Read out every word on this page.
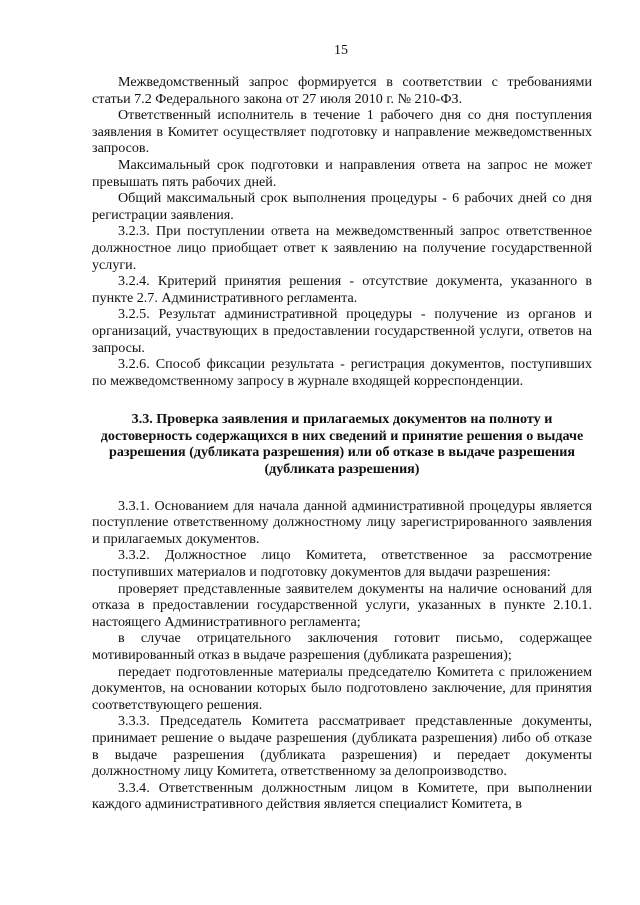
15

Межведомственный запрос формируется в соответствии с требованиями статьи 7.2 Федерального закона от 27 июля 2010 г. № 210-ФЗ.

Ответственный исполнитель в течение 1 рабочего дня со дня поступления заявления в Комитет осуществляет подготовку и направление межведомственных запросов.

Максимальный срок подготовки и направления ответа на запрос не может превышать пять рабочих дней.

Общий максимальный срок выполнения процедуры - 6 рабочих дней со дня регистрации заявления.

3.2.3. При поступлении ответа на межведомственный запрос ответственное должностное лицо приобщает ответ к заявлению на получение государственной услуги.

3.2.4. Критерий принятия решения - отсутствие документа, указанного в пункте 2.7. Административного регламента.

3.2.5. Результат административной процедуры - получение из органов и организаций, участвующих в предоставлении государственной услуги, ответов на запросы.

3.2.6. Способ фиксации результата - регистрация документов, поступивших по межведомственному запросу в журнале входящей корреспонденции.

3.3. Проверка заявления и прилагаемых документов на полноту и достоверность содержащихся в них сведений и принятие решения о выдаче разрешения (дубликата разрешения) или об отказе в выдаче разрешения (дубликата разрешения)

3.3.1. Основанием для начала данной административной процедуры является поступление ответственному должностному лицу зарегистрированного заявления и прилагаемых документов.

3.3.2. Должностное лицо Комитета, ответственное за рассмотрение поступивших материалов и подготовку документов для выдачи разрешения:

проверяет представленные заявителем документы на наличие оснований для отказа в предоставлении государственной услуги, указанных в пункте 2.10.1. настоящего Административного регламента;

в случае отрицательного заключения готовит письмо, содержащее мотивированный отказ в выдаче разрешения (дубликата разрешения);

передает подготовленные материалы председателю Комитета с приложением документов, на основании которых было подготовлено заключение, для принятия соответствующего решения.

3.3.3. Председатель Комитета рассматривает представленные документы, принимает решение о выдаче разрешения (дубликата разрешения) либо об отказе в выдаче разрешения (дубликата разрешения) и передает документы должностному лицу Комитета, ответственному за делопроизводство.

3.3.4. Ответственным должностным лицом в Комитете, при выполнении каждого административного действия является специалист Комитета, в
